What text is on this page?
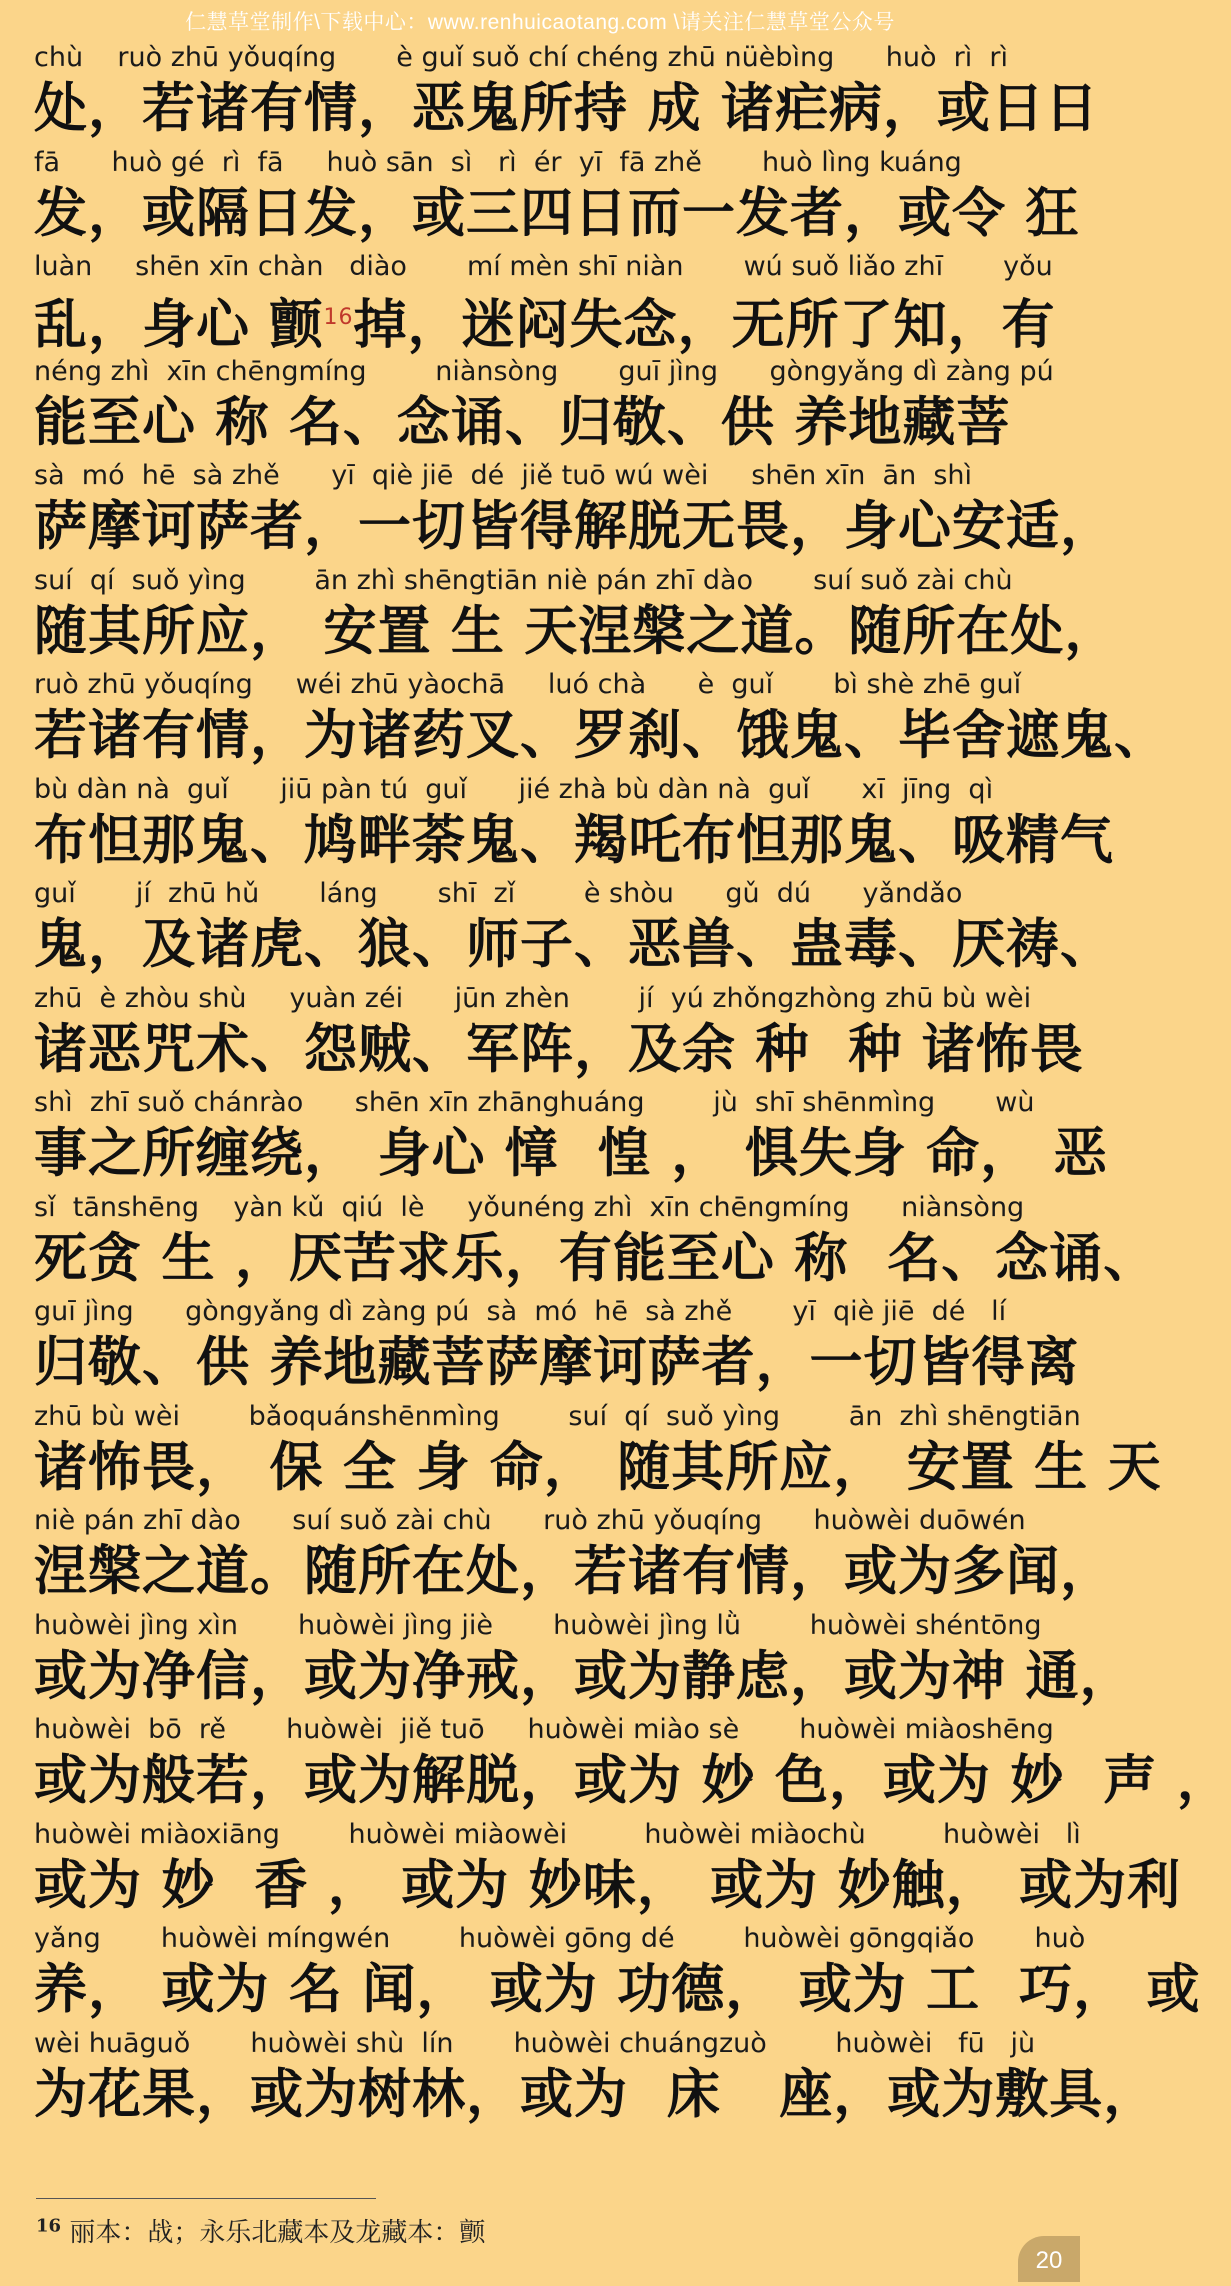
仁慧草堂制作\下载中心：www.renhuicaotang.com \请关注仁慧草堂公众号
chù    ruò zhū yǒuqíng       è guǐ suǒ chí chéng zhū nüèbìng      huò  rì  rì
处，若诸有情，恶鬼所持 成 诸疟病，或日日
fā      huò gé  rì  fā     huò sān  sì   rì  ér  yī  fā zhě       huò lìng kuáng
发，或隔日发，或三四日而一发者，或令 狂
luàn     shēn xīn chàn   diào       mí mèn shī niàn       wú suǒ liǎo zhī       yǒu
乱，身心 颤$^{16}$掉，迷闷失念，无所了知，有
néng zhì  xīn chēngmíng        niànsòng       guī jìng      gòngyǎng dì zàng pú
能至心 称 名、念诵、归敬、供 养地藏菩
sà  mó  hē  sà zhě      yī  qiè jiē  dé  jiě tuō wú wèi     shēn xīn  ān  shì
萨摩诃萨者，一切皆得解脱无畏，身心安适，
suí  qí  suǒ yìng        ān zhì shēngtiān niè pán zhī dào       suí suǒ zài chù
随其所应， 安置 生 天涅槃之道。随所在处，
ruò zhū yǒuqíng     wéi zhū yàochā     luó chà      è  guǐ       bì shè zhē guǐ
若诸有情，为诸药叉、罗刹、饿鬼、毕舍遮鬼、
bù dàn nà  guǐ      jiū pàn tú  guǐ      jié zhà bù dàn nà  guǐ      xī  jīng  qì
布怛那鬼、鸠畔荼鬼、羯吒布怛那鬼、吸精气
guǐ       jí  zhū hǔ       láng       shī  zǐ        è shòu      gǔ  dú      yǎndǎo
鬼，及诸虎、狼、师子、恶兽、蛊毒、厌祷、
zhū  è zhòu shù     yuàn zéi      jūn zhèn        jí  yú zhǒngzhòng zhū bù wèi
诸恶咒术、怨贼、军阵，及余 种  种 诸怖畏
shì  zhī suǒ chánrào      shēn xīn zhānghuáng        jù  shī shēnmìng       wù
事之所缠绕， 身心 慞  惶 ， 惧失身 命， 恶
sǐ  tānshēng    yàn kǔ  qiú  lè     yǒunéng zhì  xīn chēngmíng      niànsòng
死贪 生 ，厌苦求乐，有能至心 称  名、念诵、
guī jìng      gòngyǎng dì zàng pú  sà  mó  hē  sà zhě       yī  qiè jiē  dé   lí
归敬、供 养地藏菩萨摩诃萨者，一切皆得离
zhū bù wèi        bǎoquánshēnmìng        suí  qí  suǒ yìng        ān  zhì shēngtiān
诸怖畏， 保 全 身 命， 随其所应， 安置 生 天
niè pán zhī dào      suí suǒ zài chù      ruò zhū yǒuqíng      huòwèi duōwén
涅槃之道。随所在处，若诸有情，或为多闻，
huòwèi jìng xìn       huòwèi jìng jiè       huòwèi jìng lǜ        huòwèi shéntōng
或为净信，或为净戒，或为静虑，或为神 通，
huòwèi  bō  rě       huòwèi  jiě tuō     huòwèi miào sè       huòwèi miàoshēng
或为般若，或为解脱，或为 妙 色，或为 妙  声 ，
huòwèi miàoxiāng        huòwèi miàowèi         huòwèi miàochù         huòwèi   lì
或为 妙  香 ， 或为 妙味， 或为 妙触， 或为利
yǎng       huòwèi míngwén        huòwèi gōng dé        huòwèi gōngqiǎo       huò
养， 或为 名 闻， 或为 功德， 或为 工  巧， 或
wèi huāguǒ       huòwèi shù  lín       huòwèi chuángzuò        huòwèi   fū   jù
为花果，或为树林，或为  床   座，或为敷具，
$^{16}$ 丽本：战；永乐北藏本及龙藏本：颤
20
